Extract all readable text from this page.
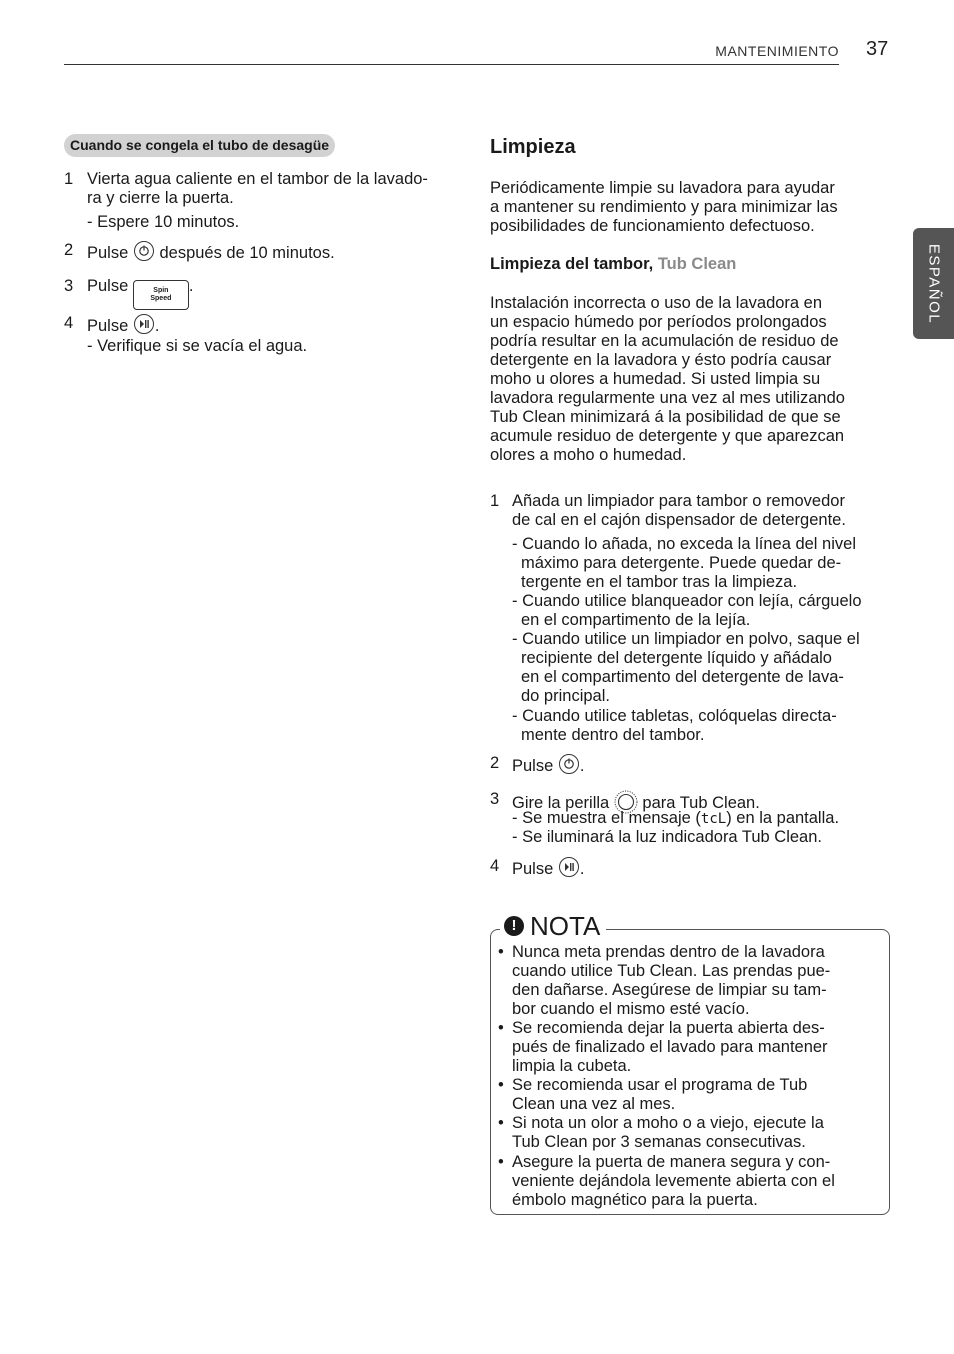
MANTENIMIENTO 37
ESPAÑOL
Cuando se congela el tubo de desagüe
1 Vierta agua caliente en el tambor de la lavado-
ra y cierre la puerta.
- Espere 10 minutos.
2 Pulse después de 10 minutos.
3 Pulse	Spin
Speed
.
4 Pulse .
- Verifique si se vacía el agua.
Limpieza
Periódicamente limpie su lavadora para ayudar
a mantener su rendimiento y para minimizar las
posibilidades de funcionamiento defectuoso.
Limpieza del tambor, Tub Clean
Instalación incorrecta o uso de la lavadora en
un espacio húmedo por períodos prolongados
podría resultar en la acumulación de residuo de
detergente en la lavadora y ésto podría causar
moho u olores a humedad. Si usted limpia su
lavadora regularmente una vez al mes utilizando
Tub Clean minimizará á la posibilidad de que se
acumule residuo de detergente y que aparezcan
olores a moho o humedad.
1 Añada un limpiador para tambor o removedor
de cal en el cajón dispensador de detergente.
- Cuando lo añada, no exceda la línea del nivel
máximo para detergente. Puede quedar de-
tergente en el tambor tras la limpieza.
- Cuando utilice blanqueador con lejía, cárguelo
en el compartimento de la lejía.
- Cuando utilice un limpiador en polvo, saque el
recipiente del detergente líquido y añádalo
en el compartimento del detergente de lava-
do principal.
- Cuando utilice tabletas, colóquelas directa-
mente dentro del tambor.
2 Pulse .
3 Gire la perilla para Tub Clean.
- Se muestra el mensaje (tcL) en la pantalla.
- Se iluminará la luz indicadora Tub Clean.
4 Pulse .
! NOTA
• Nunca meta prendas dentro de la lavadora
cuando utilice Tub Clean. Las prendas pue-
den dañarse. Asegúrese de limpiar su tam-
bor cuando el mismo esté vacío.
• Se recomienda dejar la puerta abierta des-
pués de finalizado el lavado para mantener
limpia la cubeta.
• Se recomienda usar el programa de Tub
Clean una vez al mes.
• Si nota un olor a moho o a viejo, ejecute la
Tub Clean por 3 semanas consecutivas.
• Asegure la puerta de manera segura y con-
veniente dejándola levemente abierta con el
émbolo magnético para la puerta.
